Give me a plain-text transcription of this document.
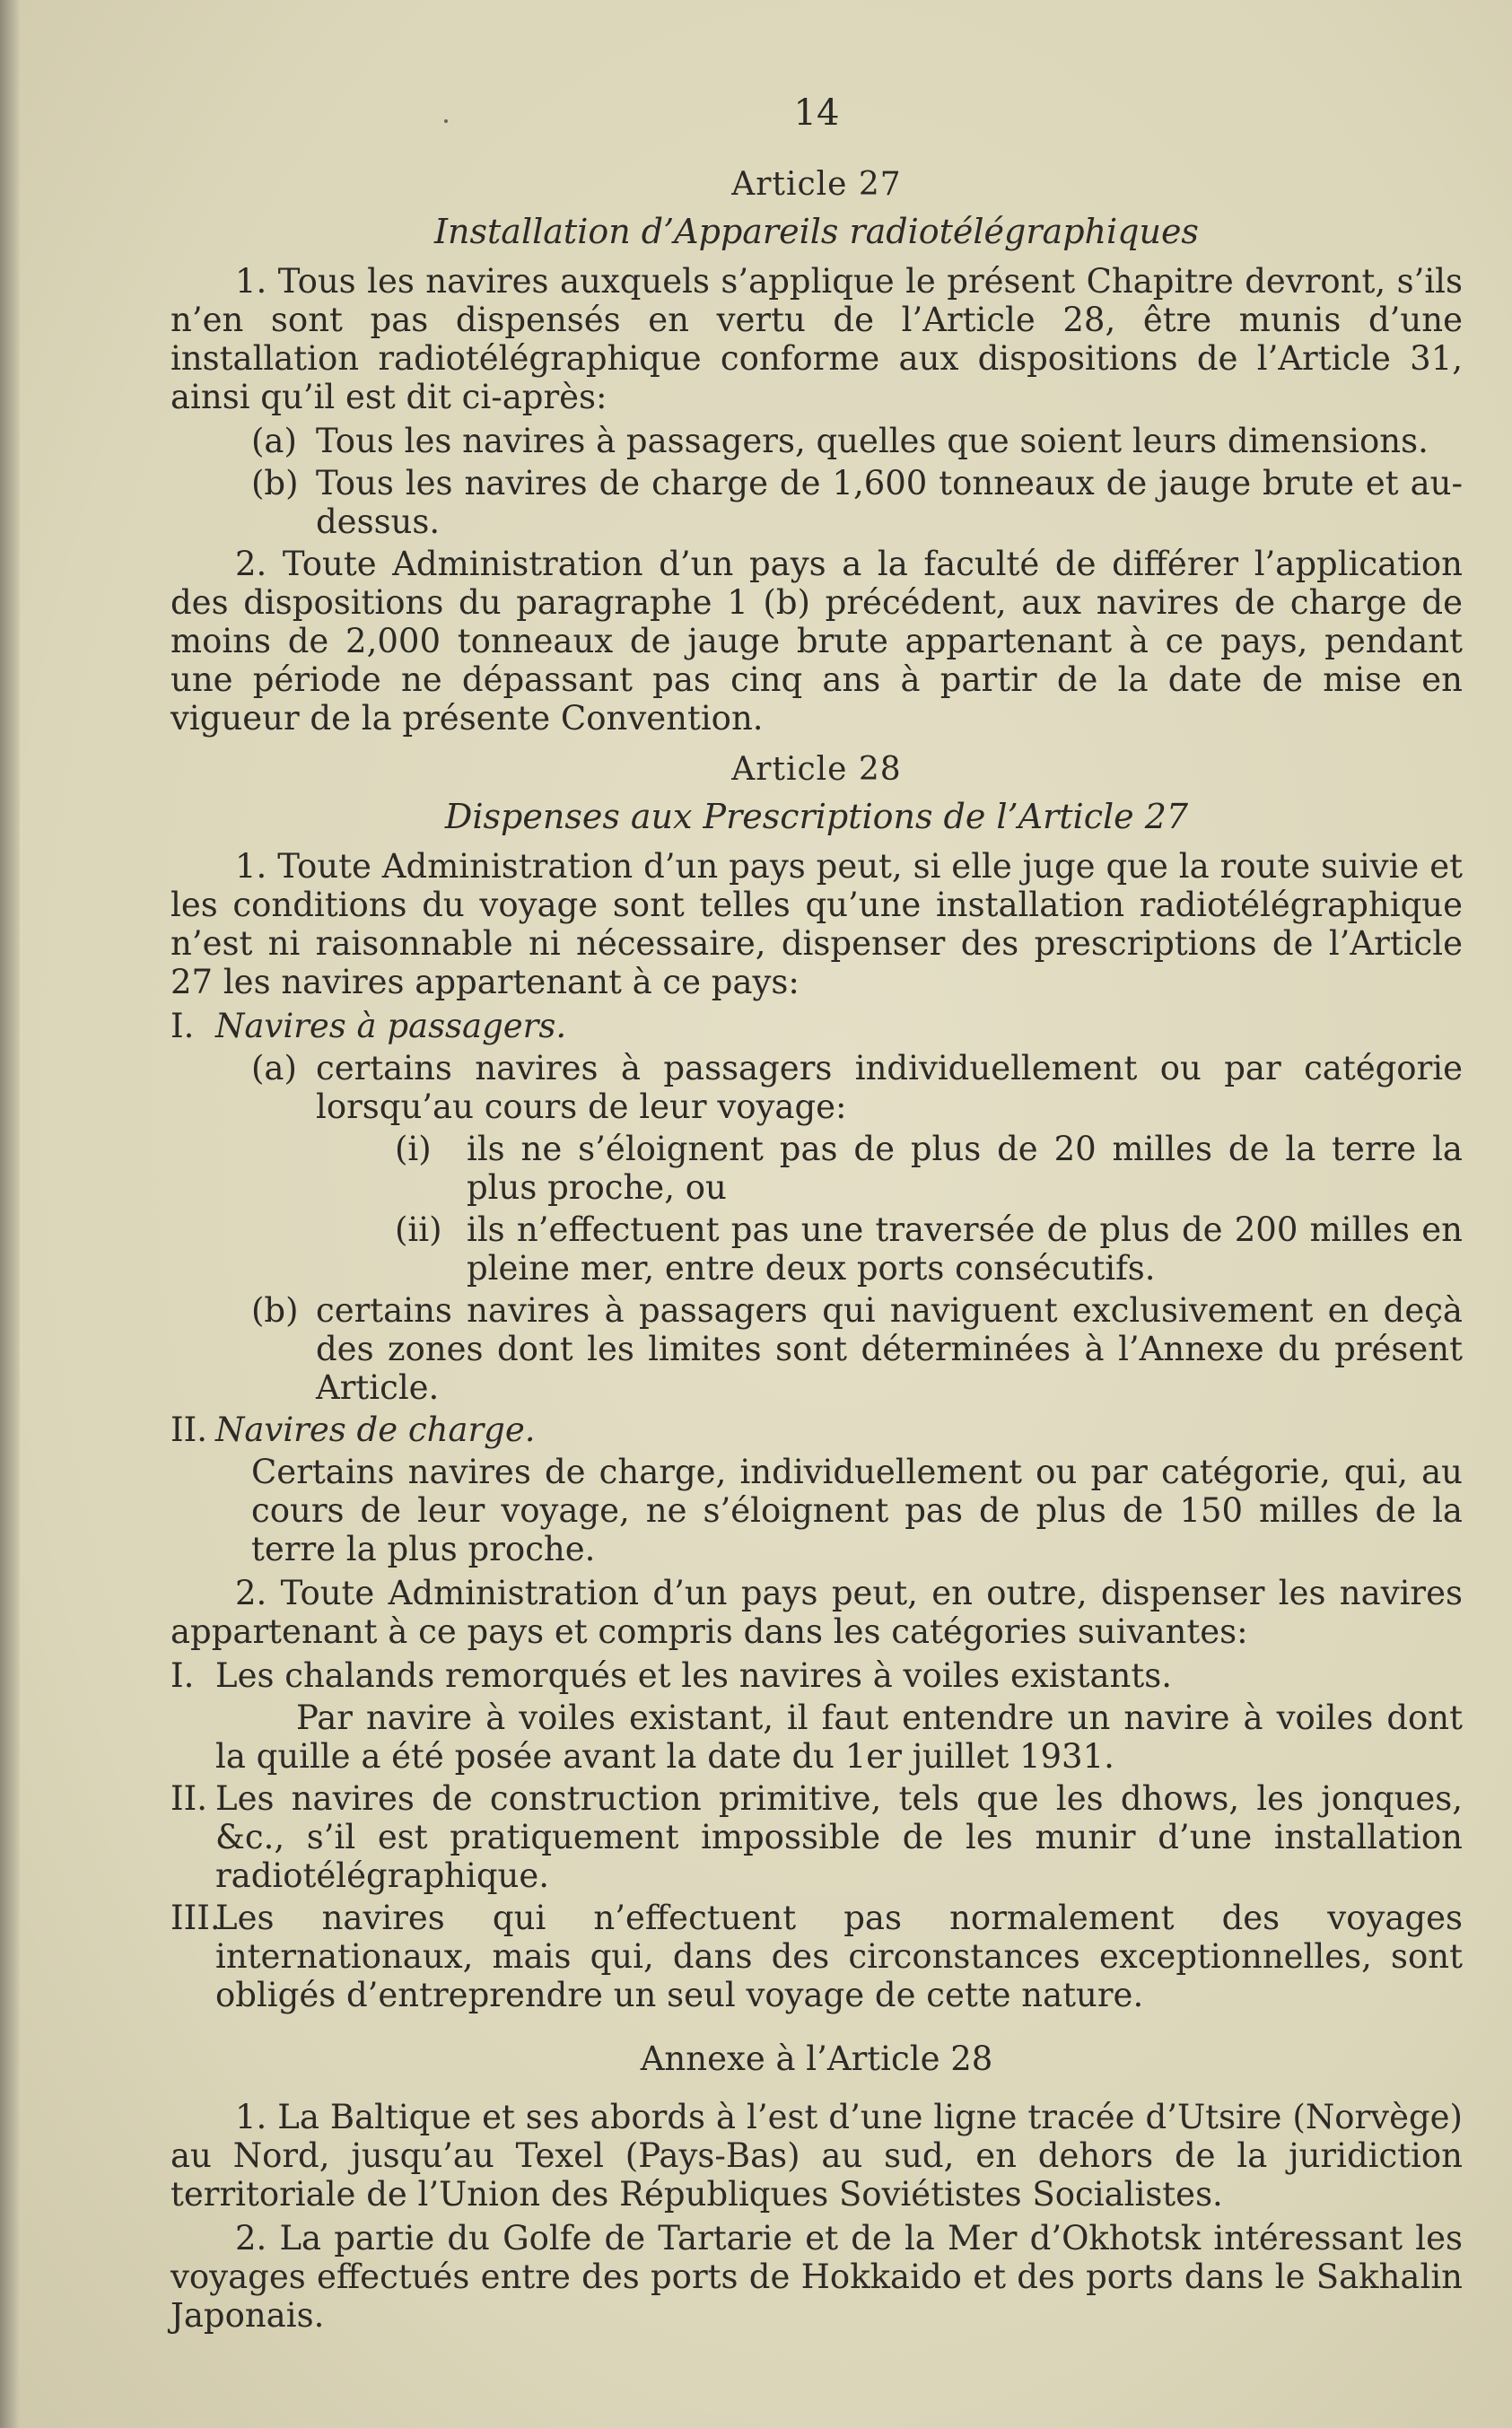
14
Article 27
Installation d’Appareils radiotélégraphiques

1. Tous les navires auxquels s’applique le présent Chapitre devront, s’ils n’en sont pas dispensés en vertu de l’Article 28, être munis d’une installation radiotélégraphique conforme aux dispositions de l’Article 31, ainsi qu’il est dit ci-après:

(a) Tous les navires à passagers, quelles que soient leurs dimensions.
(b) Tous les navires de charge de 1,600 tonneaux de jauge brute et au-dessus.

2. Toute Administration d’un pays a la faculté de différer l’application des dispositions du paragraphe 1 (b) précédent, aux navires de charge de moins de 2,000 tonneaux de jauge brute appartenant à ce pays, pendant une période ne dépassant pas cinq ans à partir de la date de mise en vigueur de la présente Convention.

Article 28
Dispenses aux Prescriptions de l’Article 27

1. Toute Administration d’un pays peut, si elle juge que la route suivie et les conditions du voyage sont telles qu’une installation radiotélégraphique n’est ni raisonnable ni nécessaire, dispenser des prescriptions de l’Article 27 les navires appartenant à ce pays:

I. Navires à passagers.
(a) certains navires à passagers individuellement ou par catégorie lorsqu’au cours de leur voyage:
(i)	ils ne s’éloignent pas de plus de 20 milles de la terre la plus proche, ou
(ii) ils n’effectuent pas une traversée de plus de 200 milles en pleine mer, entre deux ports consécutifs.
(b) certains navires à passagers qui naviguent exclusivement en deçà des zones dont les limites sont déterminées à l’Annexe du présent Article.
II. Navires de charge.

Certains navires de charge, individuellement ou par catégorie, qui, au cours de leur voyage, ne s’éloignent pas de plus de 150 milles de la terre la plus proche.

2. Toute Administration d’un pays peut, en outre, dispenser les navires appartenant à ce pays et compris dans les catégories suivantes:

I. Les chalands remorqués et les navires à voiles existants.

Par navire à voiles existant, il faut entendre un navire à voiles dont la quille a été posée avant la date du 1er juillet 1931.

II. Les navires de construction primitive, tels que les dhows, les jonques, &c., s’il est pratiquement impossible de les munir d’une installation radiotélégraphique.
III.
Les navires qui n’effectuent pas normalement des voyages internationaux, mais qui, dans des circonstances exceptionnelles, sont obligés d’entreprendre un seul voyage de cette nature.
Annexe à l’Article 28

1. La Baltique et ses abords à l’est d’une ligne tracée d’Utsire (Norvège) au Nord, jusqu’au Texel (Pays-Bas) au sud, en dehors de la juridiction territoriale de l’Union des Républiques Soviétistes Socialistes.

2. La partie du Golfe de Tartarie et de la Mer d’Okhotsk intéressant les voyages effectués entre des ports de Hokkaido et des ports dans le Sakhalin Japonais.
